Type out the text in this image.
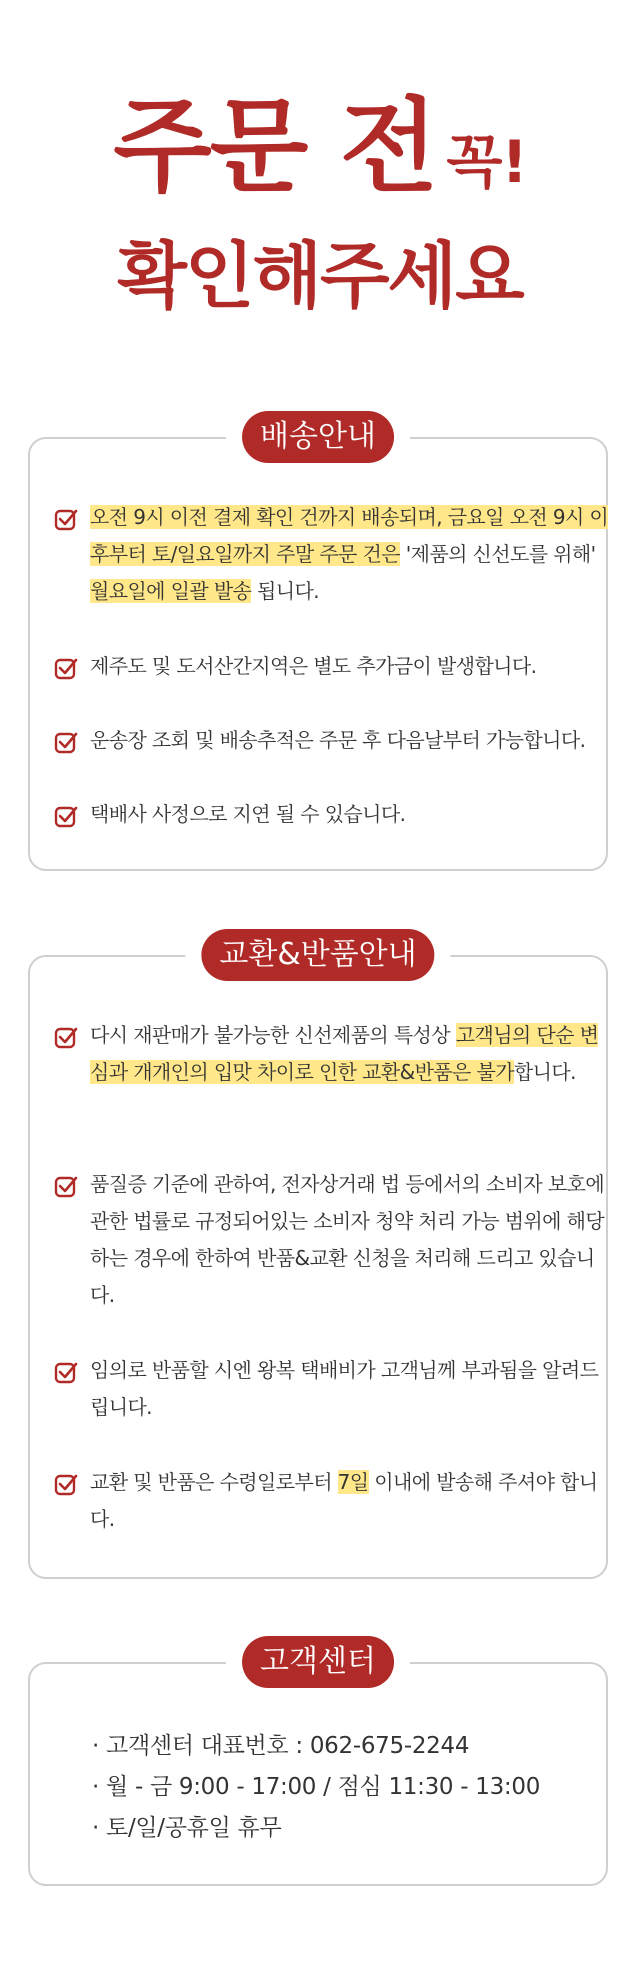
주문 전 꼭!
확인해주세요
배송안내
오전 9시 이전 결제 확인 건까지 배송되며, 금요일 오전 9시 이후부터 토/일요일까지 주말 주문 건은 '제품의 신선도를 위해' 월요일에 일괄 발송 됩니다.
제주도 및 도서산간지역은 별도 추가금이 발생합니다.
운송장 조회 및 배송추적은 주문 후 다음날부터 가능합니다.
택배사 사정으로 지연 될 수 있습니다.
교환&반품안내
다시 재판매가 불가능한 신선제품의 특성상 고객님의 단순 변심과 개개인의 입맛 차이로 인한 교환&반품은 불가합니다.
품질증 기준에 관하여, 전자상거래 법 등에서의 소비자 보호에 관한 법률로 규정되어있는 소비자 청약 처리 가능 범위에 해당하는 경우에 한하여 반품&교환 신청을 처리해 드리고 있습니다.
임의로 반품할 시엔 왕복 택배비가 고객님께 부과됨을 알려드립니다.
교환 및 반품은 수령일로부터 7일 이내에 발송해 주셔야 합니다.
고객센터
· 고객센터 대표번호 : 062-675-2244
· 월 - 금 9:00 - 17:00 / 점심 11:30 - 13:00
· 토/일/공휴일 휴무
